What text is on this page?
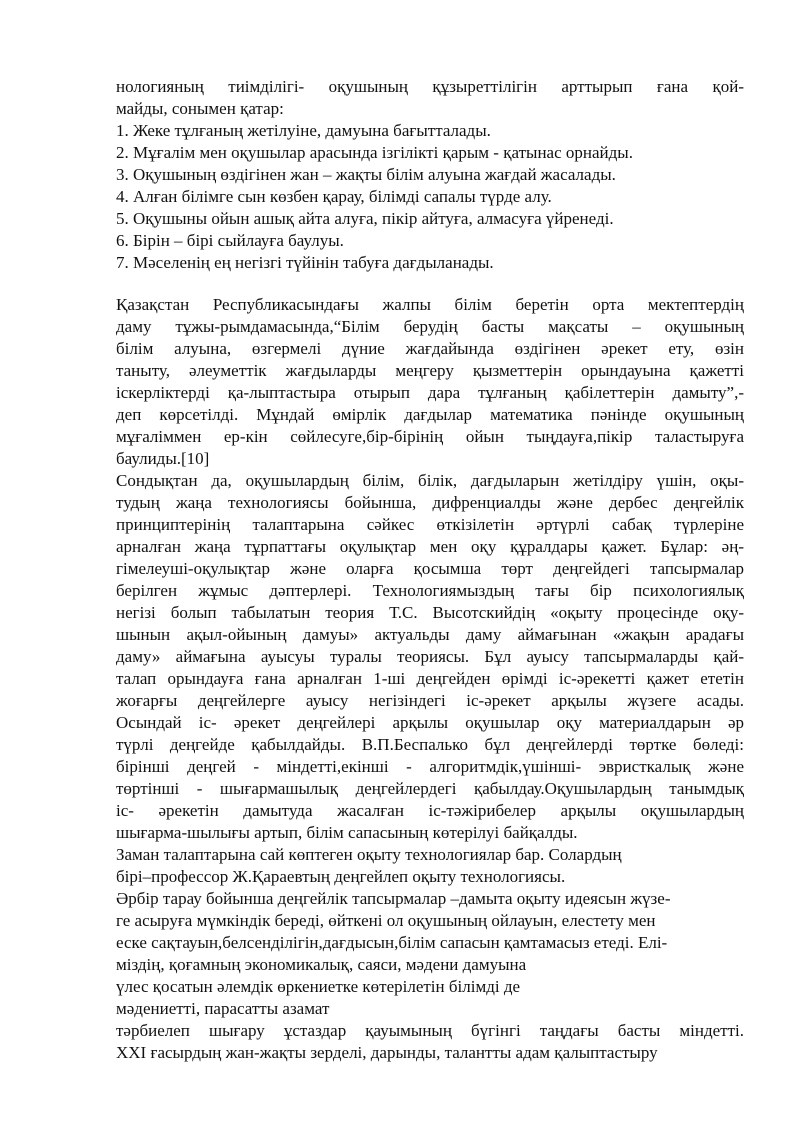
нологияның тиімділігі- оқушының құзыреттілігін арттырып ғана қой-
майды, сонымен қатар:
1. Жеке тұлғаның жетілуіне, дамуына бағытталады.
2. Мұғалім мен оқушылар арасында ізгілікті қарым - қатынас орнайды.
3. Оқушының өздігінен жан – жақты білім алуына жағдай жасалады.
4. Алған білімге сын көзбен қарау, білімді сапалы түрде алу.
5. Оқушыны ойын ашық айта алуға, пікір айтуға, алмасуға үйренеді.
6. Бірін – бірі сыйлауға баулуы.
7. Мәселенің ең негізгі түйінін табуға дағдыланады.
Қазақстан Республикасындағы жалпы білім беретін орта мектептердің
даму тұжы-рымдамасында,“Білім берудің басты мақсаты – оқушының
білім алуына, өзгермелі дүние жағдайында өздігінен әрекет ету, өзін
таныту, әлеуметтік жағдыларды меңгеру қызметтерін орындауына қажетті
іскерліктерді қа-лыптастыра отырып дара тұлғаның қабілеттерін дамыту”,-
деп көрсетілді. Мұндай өмірлік дағдылар математика пәнінде оқушының
мұғаліммен ер-кін сөйлесуге,бір-бірінің ойын тыңдауға,пікір таластыруға
баулиды.[10]
Сондықтан да, оқушылардың білім, білік, дағдыларын жетілдіру үшін, оқы-
тудың жаңа технологиясы бойынша, дифренциалды және дербес деңгейлік
принциптерінің талаптарына сәйкес өткізілетін әртүрлі сабақ түрлеріне
арналған жаңа тұрпаттағы оқулықтар мен оқу құралдары қажет. Бұлар: әң-
гімелеуші-оқулықтар және оларға қосымша төрт деңгейдегі тапсырмалар
берілген жұмыс дәптерлері. Технологиямыздың тағы бір психологиялық
негізі болып табылатын теория Т.С. Высотскийдің «оқыту процесінде оқу-
шынын ақыл-ойының дамуы» актуальды даму аймағынан «жақын арадағы
даму» аймағына ауысуы туралы теориясы. Бұл ауысу тапсырмаларды қай-
талап орындауға ғана арналған 1-ші деңгейден өрімді іс-әрекетті қажет ететін
жоғарғы деңгейлерге ауысу негізіндегі іс-әрекет арқылы жүзеге асады.
Осындай іс- әрекет деңгейлері арқылы оқушылар оқу материалдарын әр
түрлі деңгейде қабылдайды. В.П.Беспалько бұл деңгейлерді төртке бөледі:
бірінші деңгей - міндетті,екінші - алгоритмдік,үшінші- эвристкалық және
төртінші - шығармашылық деңгейлердегі қабылдау.Оқушылардың танымдық
іс- әрекетін дамытуда жасалған іс-тәжірибелер арқылы оқушылардың
шығарма-шылығы артып, білім сапасының көтерілуі байқалды.
Заман талаптарына сай көптеген оқыту технологиялар бар. Солардың
бірі–профессор Ж.Қараевтың деңгейлеп оқыту технологиясы.
Әрбір тарау бойынша деңгейлік тапсырмалар –дамыта оқыту идеясын жүзе-
ге асыруға мүмкіндік береді, өйткені ол оқушының ойлауын, елестету мен
еске сақтауын,белсенділігін,дағдысын,білім сапасын қамтамасыз етеді. Елі-
міздің, қоғамның экономикалық, саяси, мәдени дамуына
үлес қосатын әлемдік өркениетке көтерілетін білімді де
мәдениетті, парасатты азамат
тәрбиелеп шығару ұстаздар қауымының бүгінгі таңдағы басты міндетті.
XXI ғасырдың жан-жақты зерделі, дарынды, талантты адам қалыптастыру
